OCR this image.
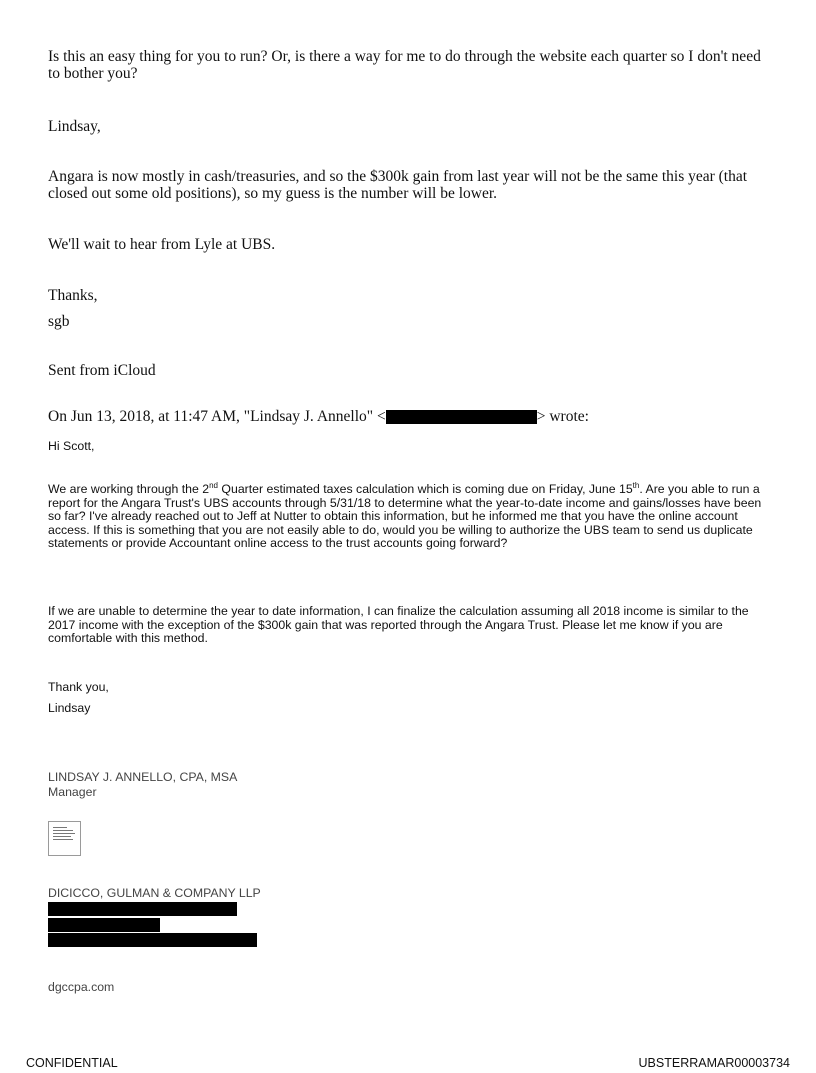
Is this an easy thing for you to run? Or, is there a way for me to do through the website each quarter so I don't need to bother you?

Lindsay,

Angara is now mostly in cash/treasuries, and so the $300k gain from last year will not be the same this year (that closed out some old positions), so my guess is the number will be lower.

We'll wait to hear from Lyle at UBS.

Thanks,

sgb

Sent from iCloud

On Jun 13, 2018, at 11:47 AM, "Lindsay J. Annello" <	> wrote:

Hi Scott,

We are working through the 2nd Quarter estimated taxes calculation which is coming due on Friday, June 15th. Are you able to run a report for the Angara Trust's UBS accounts through 5/31/18 to determine what the year-to-date income and gains/losses have been so far? I've already reached out to Jeff at Nutter to obtain this information, but he informed me that you have the online account access. If this is something that you are not easily able to do, would you be willing to authorize the UBS team to send us duplicate statements or provide Accountant online access to the trust accounts going forward?

If we are unable to determine the year to date information, I can finalize the calculation assuming all 2018 income is similar to the 2017 income with the exception of the $300k gain that was reported through the Angara Trust. Please let me know if you are comfortable with this method.

Thank you,

Lindsay

LINDSAY J. ANNELLO, CPA, MSA

Manager

DICICCO, GULMAN & COMPANY LLP

dgccpa.com

CONFIDENTIAL	UBSTERRAMAR00003734
